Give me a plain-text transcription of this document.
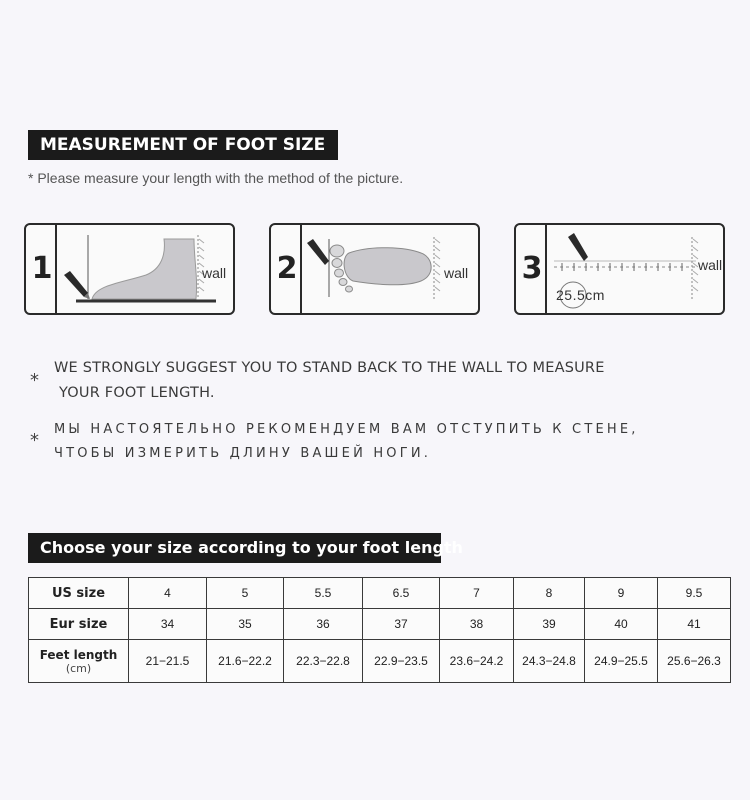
MEASUREMENT OF FOOT SIZE
* Please measure your length with the method of the picture.
1	wall 2	wall 3	wall
25.5cm
*
WE STRONGLY SUGGEST YOU TO STAND BACK TO THE WALL TO MEASURE
YOUR FOOT LENGTH.
*
МЫ НАСТОЯТЕЛЬНО РЕКОМЕНДУЕМ ВАМ ОТСТУПИТЬ К СТЕНЕ,
ЧТОБЫ ИЗМЕРИТЬ ДЛИНУ ВАШЕЙ НОГИ.
Choose your size according to your foot length
US size	4	5	5.5	6.5	7	8	9	9.5
Eur size	34	35	36	37	38	39	40	41

Feet length
(cm)	21−21.5	21.6−22.2	22.3−22.8	22.9−23.5	23.6−24.2	24.3−24.8	24.9−25.5	25.6−26.3
